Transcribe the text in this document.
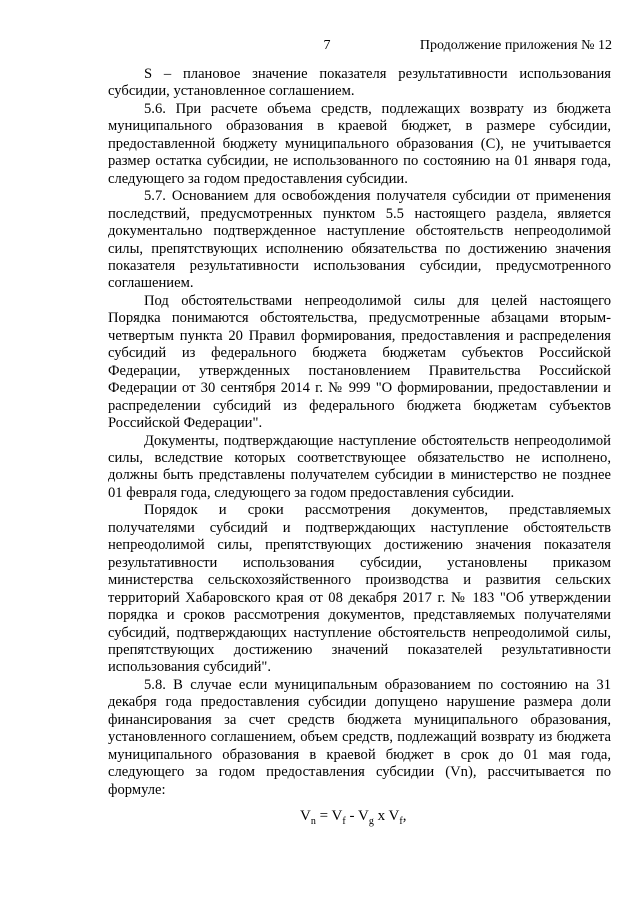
7	Продолжение приложения № 12

S – плановое значение показателя результативности использования субсидии, установленное соглашением.

5.6. При расчете объема средств, подлежащих возврату из бюджета муниципального образования в краевой бюджет, в размере субсидии, предоставленной бюджету муниципального образования (С), не учитывается размер остатка субсидии, не использованного по состоянию на 01 января года, следующего за годом предоставления субсидии.

5.7. Основанием для освобождения получателя субсидии от применения последствий, предусмотренных пунктом 5.5 настоящего раздела, является документально подтвержденное наступление обстоятельств непреодолимой силы, препятствующих исполнению обязательства по достижению значения показателя результативности использования субсидии, предусмотренного соглашением.

Под обстоятельствами непреодолимой силы для целей настоящего Порядка понимаются обстоятельства, предусмотренные абзацами вторым-четвертым пункта 20 Правил формирования, предоставления и распределения субсидий из федерального бюджета бюджетам субъектов Российской Федерации, утвержденных постановлением Правительства Российской Федерации от 30 сентября 2014 г. № 999 "О формировании, предоставлении и распределении субсидий из федерального бюджета бюджетам субъектов Российской Федерации".

Документы, подтверждающие наступление обстоятельств непреодолимой силы, вследствие которых соответствующее обязательство не исполнено, должны быть представлены получателем субсидии в министерство не позднее 01 февраля года, следующего за годом предоставления субсидии.

Порядок и сроки рассмотрения документов, представляемых получателями субсидий и подтверждающих наступление обстоятельств непреодолимой силы, препятствующих достижению значения показателя результативности использования субсидии, установлены приказом министерства сельскохозяйственного производства и развития сельских территорий Хабаровского края от 08 декабря 2017 г. № 183 "Об утверждении порядка и сроков рассмотрения документов, представляемых получателями субсидий, подтверждающих наступление обстоятельств непреодолимой силы, препятствующих достижению значений показателей результативности использования субсидий".

5.8. В случае если муниципальным образованием по состоянию на 31 декабря года предоставления субсидии допущено нарушение размера доли финансирования за счет средств бюджета муниципального образования, установленного соглашением, объем средств, подлежащий возврату из бюджета муниципального образования в краевой бюджет в срок до 01 мая года, следующего за годом предоставления субсидии (Vn), рассчитывается по формуле:

$V_n = V_f - V_g$ x $V_f$,
